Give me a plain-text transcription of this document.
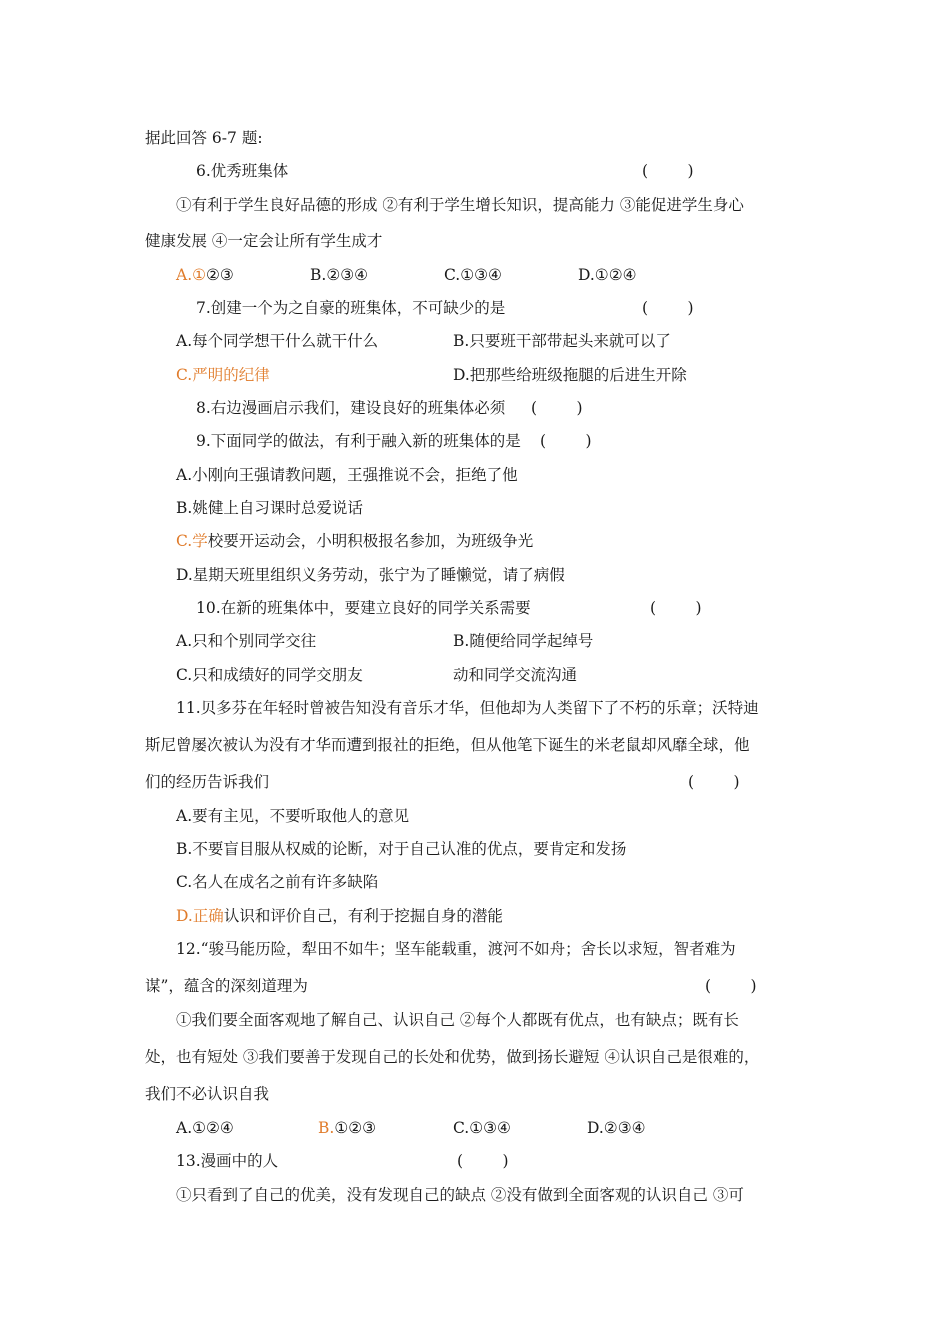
据此回答 6-7 题:
6.优秀班集体	(        )
①有利于学生良好品德的形成 ②有利于学生增长知识，提高能力 ③能促进学生身心
健康发展 ④一定会让所有学生成才
A.①②③	B.②③④	C.①③④	D.①②④
7.创建一个为之自豪的班集体，不可缺少的是	(        )
A.每个同学想干什么就干什么	B.只要班干部带起头来就可以了
C.严明的纪律	D.把那些给班级拖腿的后进生开除
8.右边漫画启示我们，建设良好的班集体必须 (        )
9.下面同学的做法，有利于融入新的班集体的是 (        )
A.小刚向王强请教问题，王强推说不会，拒绝了他
B.姚健上自习课时总爱说话
C.学校要开运动会，小明积极报名参加，为班级争光
D.星期天班里组织义务劳动，张宁为了睡懒觉，请了病假
10.在新的班集体中，要建立良好的同学关系需要	(        )
A.只和个别同学交往	B.随便给同学起绰号
C.只和成绩好的同学交朋友	动和同学交流沟通
11.贝多芬在年轻时曾被告知没有音乐才华，但他却为人类留下了不朽的乐章；沃特迪
斯尼曾屡次被认为没有才华而遭到报社的拒绝，但从他笔下诞生的米老鼠却风靡全球，他
们的经历告诉我们	(        )
A.要有主见，不要听取他人的意见
B.不要盲目服从权威的论断，对于自己认准的优点，要肯定和发扬
C.名人在成名之前有许多缺陷
D.正确认识和评价自己，有利于挖掘自身的潜能
12.“骏马能历险，犁田不如牛；坚车能载重，渡河不如舟；舍长以求短，智者难为
谋”，蕴含的深刻道理为	(        )
①我们要全面客观地了解自己、认识自己 ②每个人都既有优点，也有缺点；既有长
处，也有短处 ③我们要善于发现自己的长处和优势，做到扬长避短 ④认识自己是很难的，
我们不必认识自我
A.①②④	B.①②③	C.①③④	D.②③④
13.漫画中的人	(        )
①只看到了自己的优美，没有发现自己的缺点 ②没有做到全面客观的认识自己 ③可
